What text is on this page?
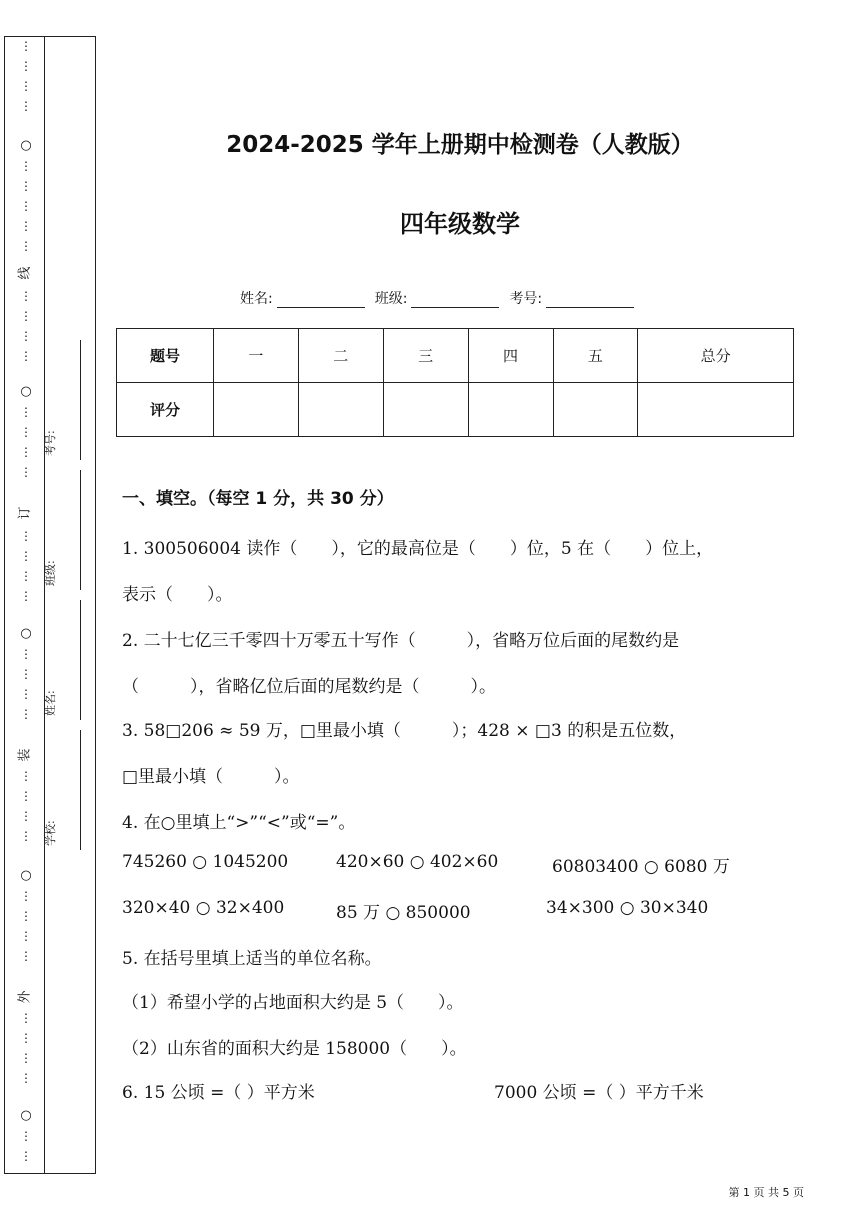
⋮
⋮
⋮
⋮
○
⋮
⋮
⋮
⋮
⋮
线
⋮
⋮
⋮
⋮
○
⋮
⋮
⋮
⋮
订
⋮
⋮
⋮
⋮
○
⋮
⋮
⋮
⋮
装
⋮
⋮
⋮
⋮
○
⋮
⋮
⋮
⋮
外
⋮
⋮
⋮
⋮
○
⋮
⋮
考号:
班级:
姓名:
学校:
2024-2025 学年上册期中检测卷（人教版）
四年级数学
姓名:	班级:	考号:
题号	一	二	三	四	五	总分
评分						
一、填空。（每空 1 分，共 30 分）
1. 300506004 读作（　　），它的最高位是（　　）位，5 在（　　）位上，
表示（　　）。
2. 二十七亿三千零四十万零五十写作（　　　），省略万位后面的尾数约是
（　　　），省略亿位后面的尾数约是（　　　）。
3. 58□206 ≈ 59 万，□里最小填（　　　）；428 × □3 的积是五位数，
□里最小填（　　　）。
4. 在○里填上“>”“<”或“=”。
745260 ○ 1045200	420×60 ○ 402×60	60803400 ○ 6080 万
320×40 ○ 32×400	85 万 ○ 850000	34×300 ○ 30×340
5. 在括号里填上适当的单位名称。
（1）希望小学的占地面积大约是 5（　　）。
（2）山东省的面积大约是 158000（　　）。
6. 15 公顷 =（ ）平方米	7000 公顷 =（ ）平方千米
第 1 页 共 5 页
